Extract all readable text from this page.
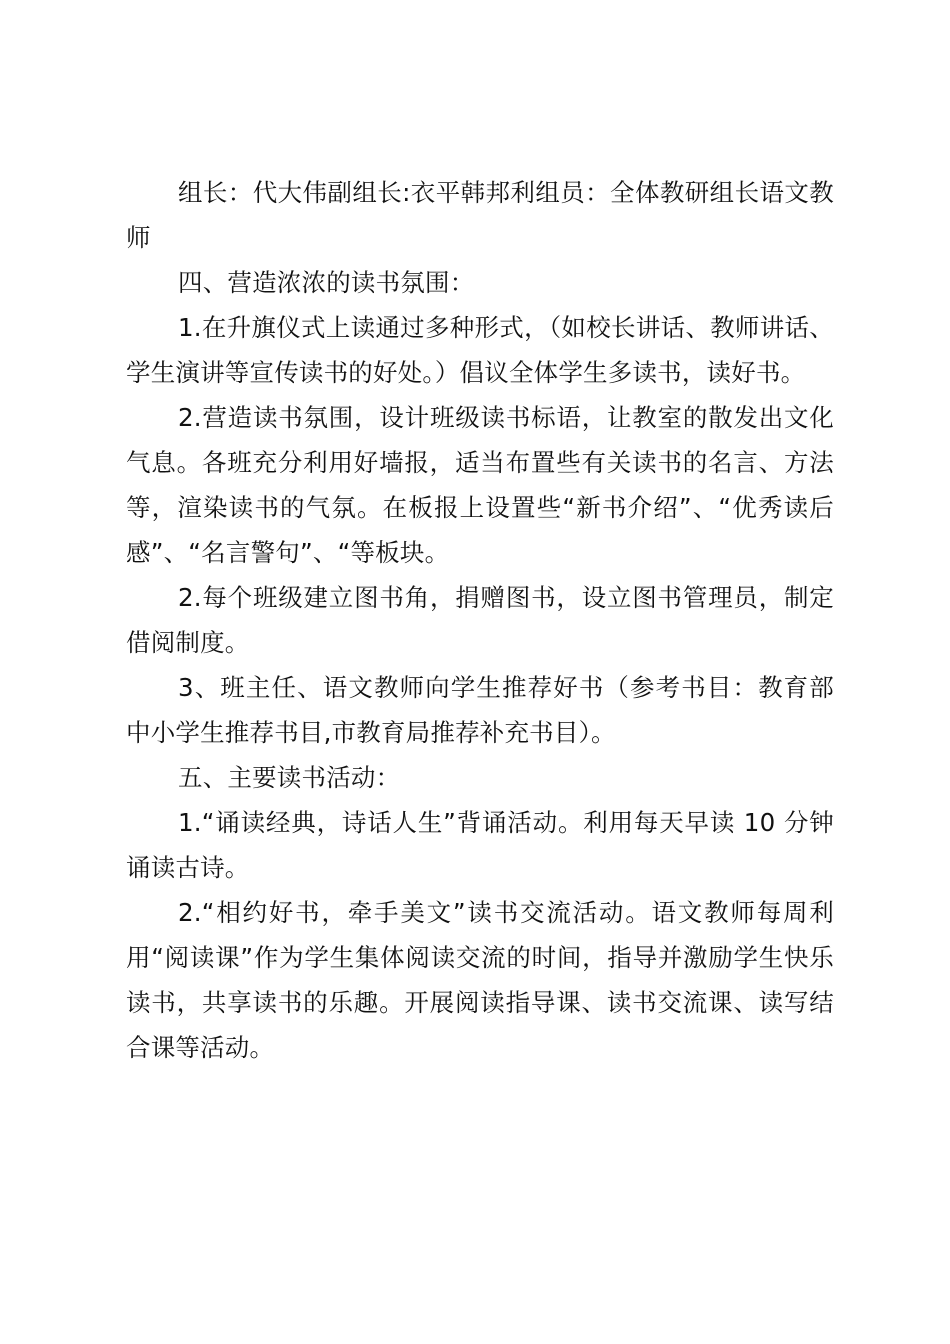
组长：代大伟副组长:衣平韩邦利组员：全体教研组长语文教师

四、营造浓浓的读书氛围：

1.在升旗仪式上读通过多种形式，（如校长讲话、教师讲话、学生演讲等宣传读书的好处。）倡议全体学生多读书，读好书。

2.营造读书氛围，设计班级读书标语，让教室的散发出文化气息。各班充分利用好墙报，适当布置些有关读书的名言、方法等，渲染读书的气氛。在板报上设置些“新书介绍”、“优秀读后感”、“名言警句”、“等板块。

2.每个班级建立图书角，捐赠图书，设立图书管理员，制定借阅制度。

3、班主任、语文教师向学生推荐好书（参考书目：教育部中小学生推荐书目,市教育局推荐补充书目）。

五、主要读书活动：

1.“诵读经典，诗话人生”背诵活动。利用每天早读 10 分钟诵读古诗。

2.“相约好书，牵手美文”读书交流活动。语文教师每周利用“阅读课”作为学生集体阅读交流的时间，指导并激励学生快乐读书，共享读书的乐趣。开展阅读指导课、读书交流课、读写结合课等活动。
